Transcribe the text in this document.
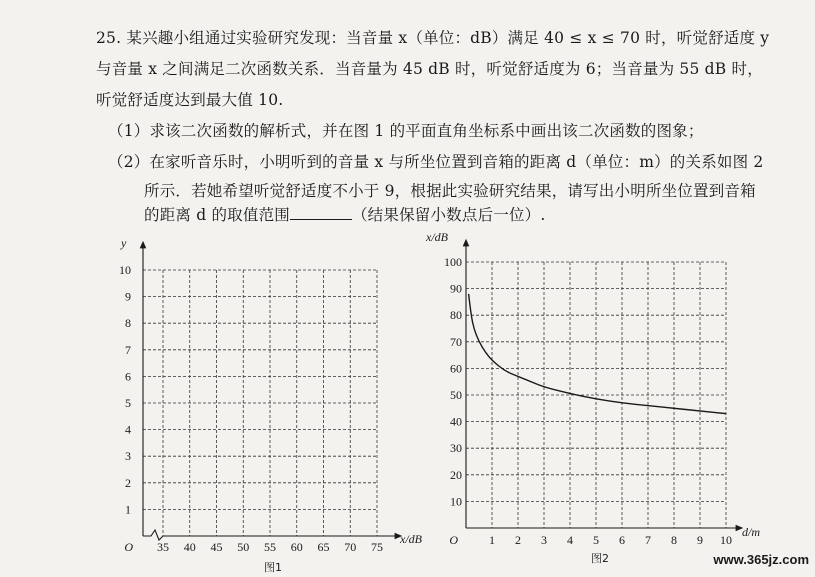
25. 某兴趣小组通过实验研究发现：当音量 x（单位：dB）满足 40 ≤ x ≤ 70 时，听觉舒适度 y
与音量 x 之间满足二次函数关系．当音量为 45 dB 时，听觉舒适度为 6；当音量为 55 dB 时，
听觉舒适度达到最大值 10.
（1）求该二次函数的解析式，并在图 1 的平面直角坐标系中画出该二次函数的图象；
（2）在家听音乐时，小明听到的音量 x 与所坐位置到音箱的距离 d（单位：m）的关系如图 2
所示．若她希望听觉舒适度不小于 9，根据此实验研究结果，请写出小明所坐位置到音箱
的距离 d 的取值范围	（结果保留小数点后一位）.
35 40 45 50 55 60 65 70 75
1
2
3
4
5
6
7
8
9
10
O
x/dB
y
图1
1 2 3 4 5 6 7 8 9 10
10
20
30
40
50
60
70
80
90
100
O
d/m
x/dB
图2	www.365jz.com
